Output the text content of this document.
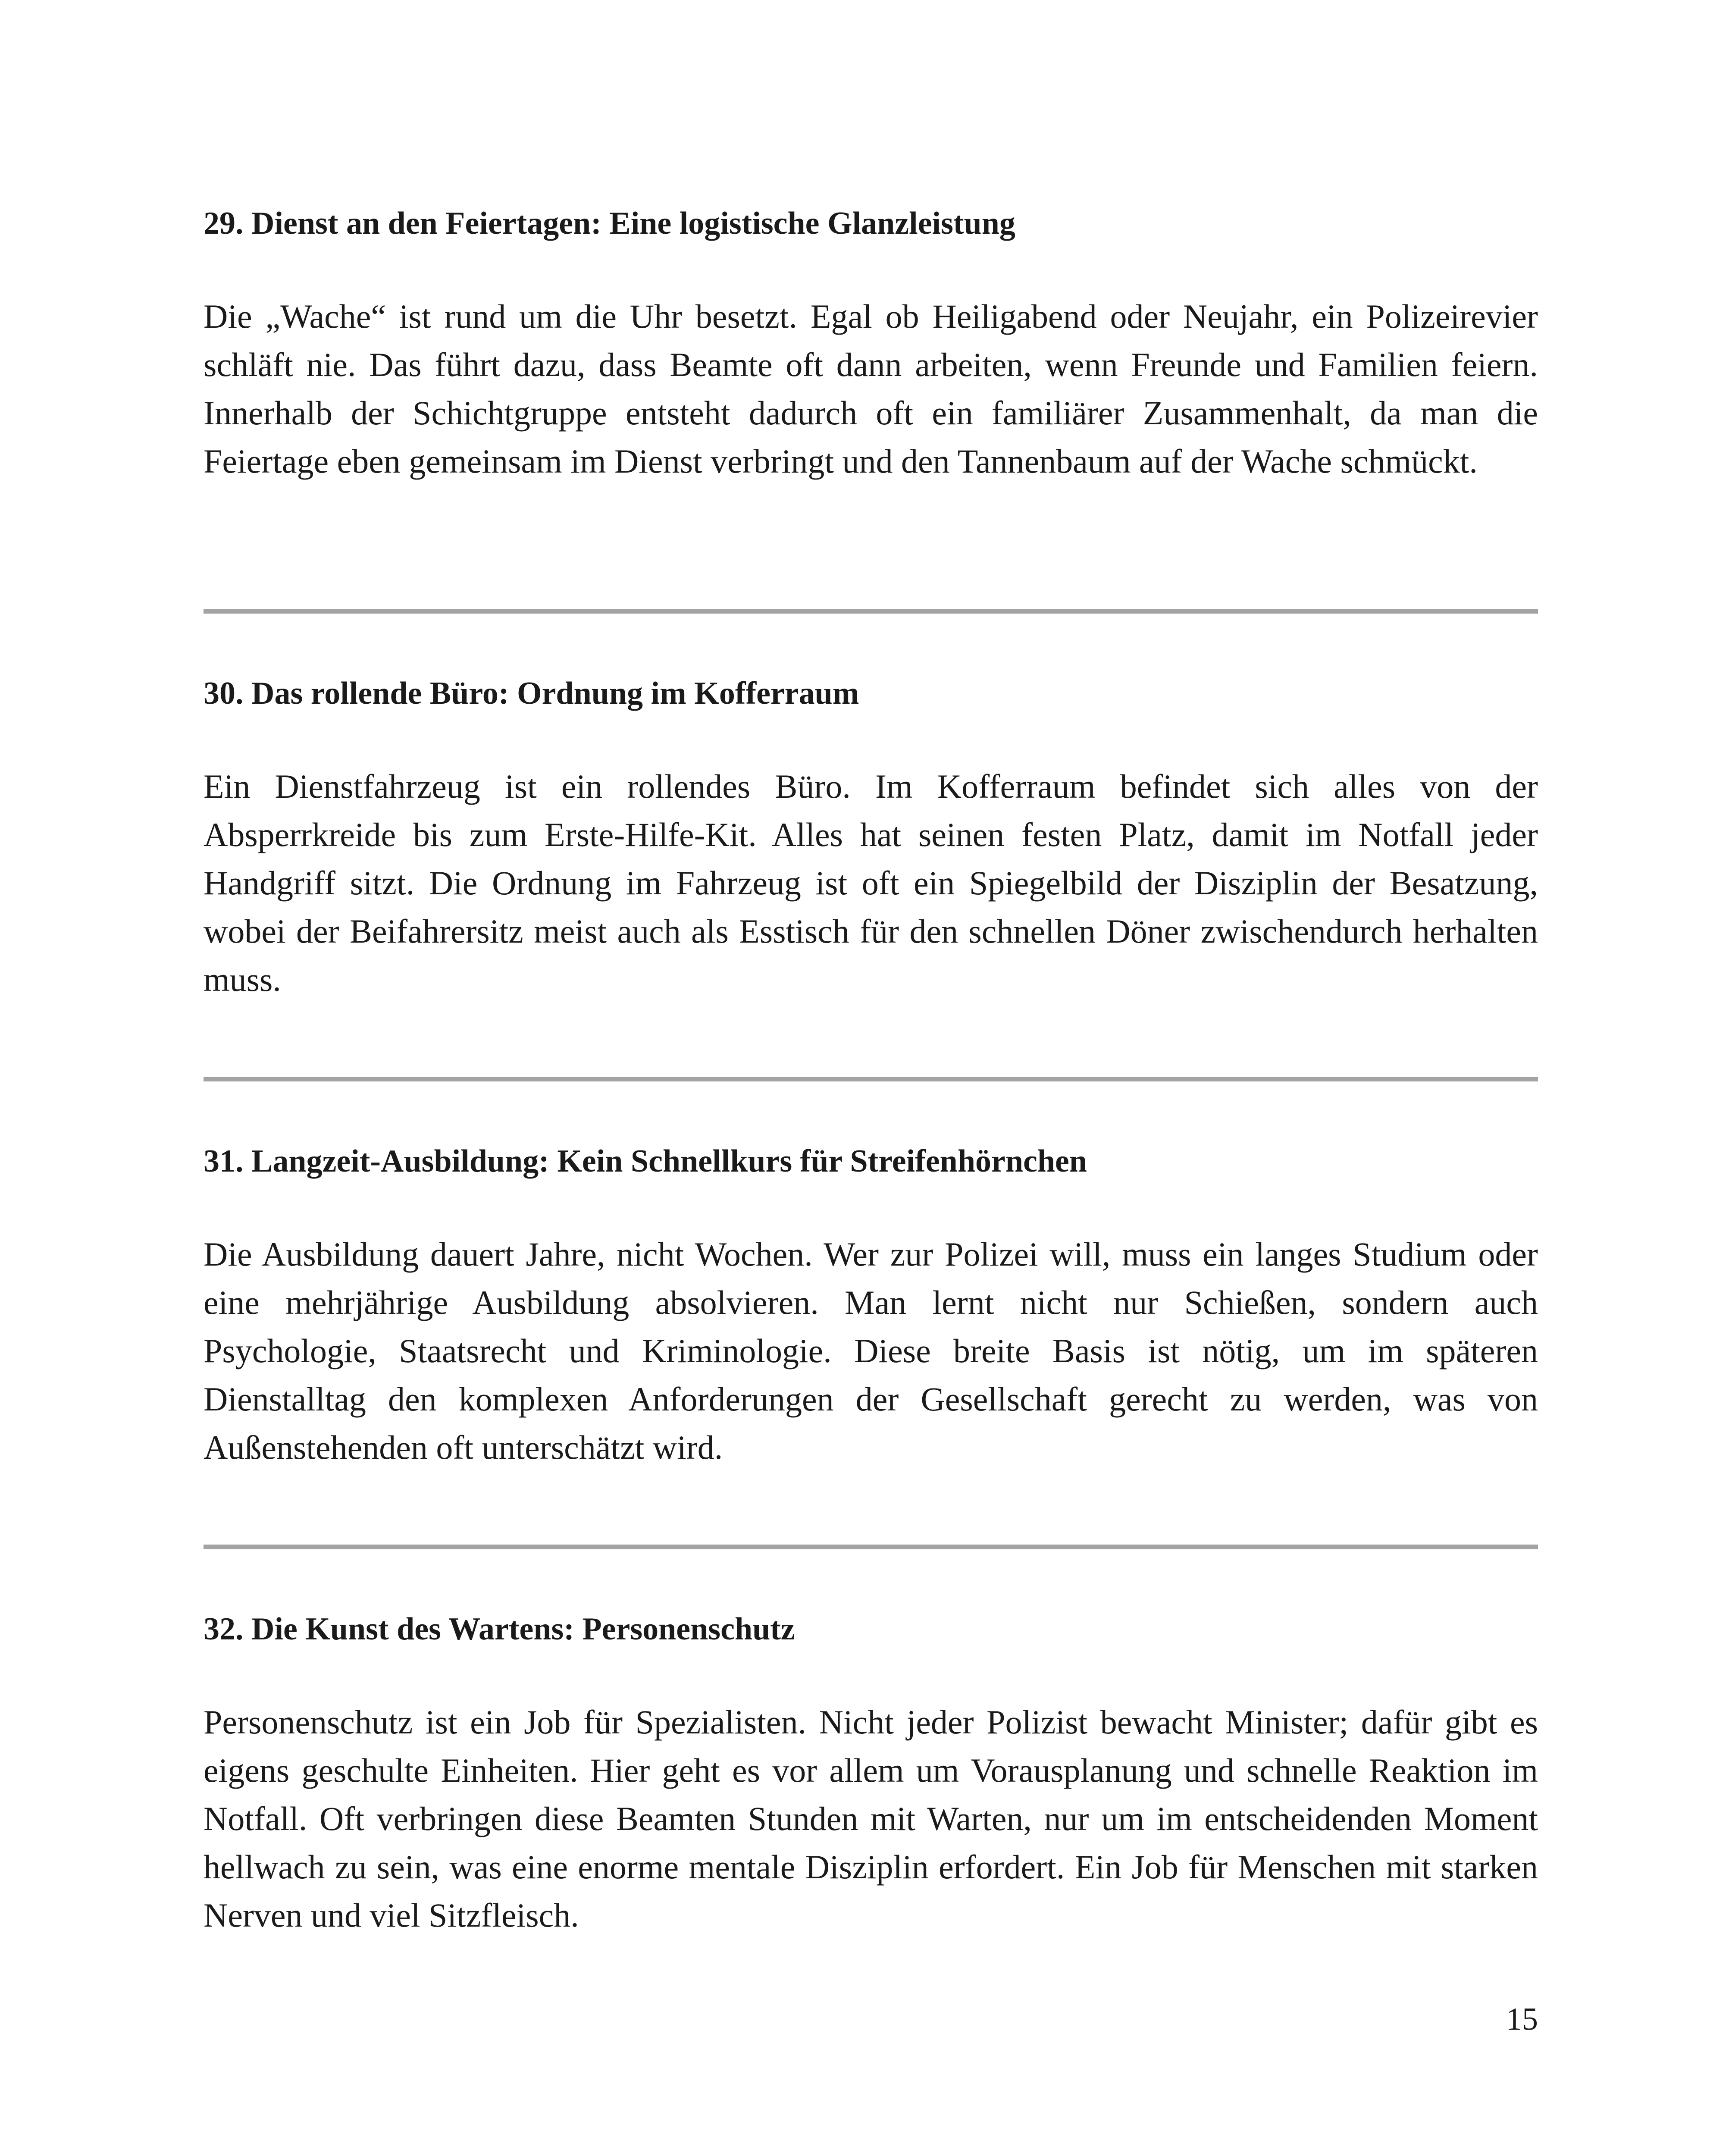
29. Dienst an den Feiertagen: Eine logistische Glanzleistung

Die „Wache“ ist rund um die Uhr besetzt. Egal ob Heiligabend oder Neujahr, ein Polizeirevier schläft nie. Das führt dazu, dass Beamte oft dann arbeiten, wenn Freunde und Familien feiern. Innerhalb der Schichtgruppe entsteht dadurch oft ein familiärer Zusammenhalt, da man die Feiertage eben gemeinsam im Dienst verbringt und den Tannenbaum auf der Wache schmückt.

30. Das rollende Büro: Ordnung im Kofferraum

Ein Dienstfahrzeug ist ein rollendes Büro. Im Kofferraum befindet sich alles von der Absperrkreide bis zum Erste-Hilfe-Kit. Alles hat seinen festen Platz, damit im Notfall jeder Handgriff sitzt. Die Ordnung im Fahrzeug ist oft ein Spiegelbild der Disziplin der Besatzung, wobei der Beifahrersitz meist auch als Esstisch für den schnellen Döner zwischendurch herhalten muss.

31. Langzeit-Ausbildung: Kein Schnellkurs für Streifenhörnchen

Die Ausbildung dauert Jahre, nicht Wochen. Wer zur Polizei will, muss ein langes Studium oder eine mehrjährige Ausbildung absolvieren. Man lernt nicht nur Schießen, sondern auch Psychologie, Staatsrecht und Kriminologie. Diese breite Basis ist nötig, um im späteren Dienstalltag den komplexen Anforderungen der Gesellschaft gerecht zu werden, was von Außenstehenden oft unterschätzt wird.

32. Die Kunst des Wartens: Personenschutz

Personenschutz ist ein Job für Spezialisten. Nicht jeder Polizist bewacht Minister; dafür gibt es eigens geschulte Einheiten. Hier geht es vor allem um Vorausplanung und schnelle Reaktion im Notfall. Oft verbringen diese Beamten Stunden mit Warten, nur um im entscheidenden Moment hellwach zu sein, was eine enorme mentale Disziplin erfordert. Ein Job für Menschen mit starken Nerven und viel Sitzfleisch.

15
